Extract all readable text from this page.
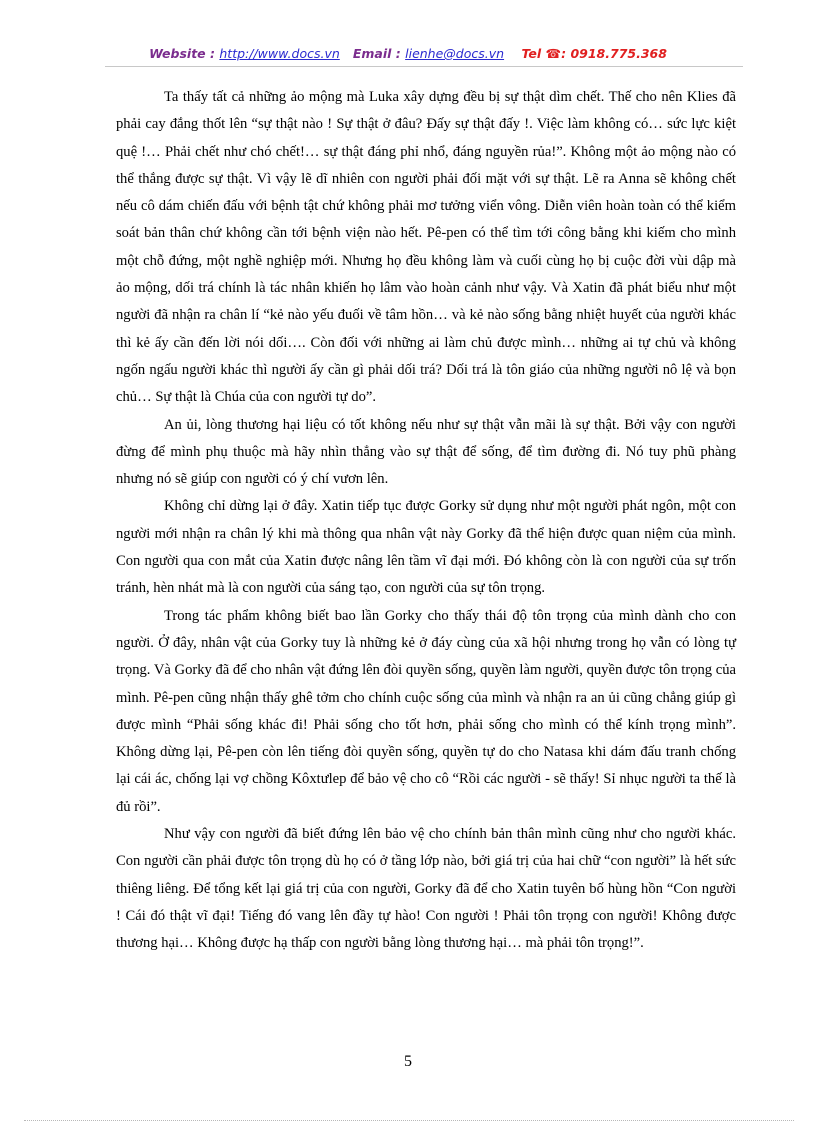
Website : http://www.docs.vn Email : lienhe@docs.vn Tel ☎: 0918.775.368

Ta thấy tất cả những ảo mộng mà Luka xây dựng đều bị sự thật dìm chết. Thế cho nên Klies đã phải cay đắng thốt lên “sự thật nào ! Sự thật ở đâu? Đấy sự thật đấy !. Việc làm không có… sức lực kiệt quệ !… Phải chết như chó chết!… sự thật đáng phỉ nhổ, đáng nguyền rủa!”. Không một ảo mộng nào có thể thắng được sự thật. Vì vậy lẽ dĩ nhiên con người phải đối mặt với sự thật. Lẽ ra Anna sẽ không chết nếu cô dám chiến đấu với bệnh tật chứ không phải mơ tưởng viển vông. Diễn viên hoàn toàn có thể kiểm soát bản thân chứ không cần tới bệnh viện nào hết. Pê-pen có thể tìm tới công bằng khi kiếm cho mình một chỗ đứng, một nghề nghiệp mới. Nhưng họ đều không làm và cuối cùng họ bị cuộc đời vùi dập mà ảo mộng, dối trá chính là tác nhân khiến họ lâm vào hoàn cảnh như vậy. Và Xatin đã phát biểu như một người đã nhận ra chân lí “kẻ nào yếu đuối về tâm hồn… và kẻ nào sống bằng nhiệt huyết của người khác thì kẻ ấy cần đến lời nói dối…. Còn đối với những ai làm chủ được mình… những ai tự chủ và không ngốn ngấu người khác thì người ấy cần gì phải dối trá? Dối trá là tôn giáo của những người nô lệ và bọn chủ… Sự thật là Chúa của con người tự do”.

An ủi, lòng thương hại liệu có tốt không nếu như sự thật vẫn mãi là sự thật. Bởi vậy con người đừng để mình phụ thuộc mà hãy nhìn thẳng vào sự thật để sống, để tìm đường đi. Nó tuy phũ phàng nhưng nó sẽ giúp con người có ý chí vươn lên.

Không chỉ dừng lại ở đây. Xatin tiếp tục được Gorky sử dụng như một người phát ngôn, một con người mới nhận ra chân lý khi mà thông qua nhân vật này Gorky đã thể hiện được quan niệm của mình. Con người qua con mắt của Xatin được nâng lên tầm vĩ đại mới. Đó không còn là con người của sự trốn tránh, hèn nhát mà là con người của sáng tạo, con người của sự tôn trọng.

Trong tác phẩm không biết bao lần Gorky cho thấy thái độ tôn trọng của mình dành cho con người. Ở đây, nhân vật của Gorky tuy là những kẻ ở đáy cùng của xã hội nhưng trong họ vẫn có lòng tự trọng. Và Gorky đã để cho nhân vật đứng lên đòi quyền sống, quyền làm người, quyền được tôn trọng của mình. Pê-pen cũng nhận thấy ghê tởm cho chính cuộc sống của mình và nhận ra an ủi cũng chẳng giúp gì được mình “Phải sống khác đi! Phải sống cho tốt hơn, phải sống cho mình có thể kính trọng mình”. Không dừng lại, Pê-pen còn lên tiếng đòi quyền sống, quyền tự do cho Natasa khi dám đấu tranh chống lại cái ác, chống lại vợ chồng Kôxtưlep để bảo vệ cho cô “Rồi các người - sẽ thấy! Sỉ nhục người ta thế là đủ rồi”.

Như vậy con người đã biết đứng lên bảo vệ cho chính bản thân mình cũng như cho người khác. Con người cần phải được tôn trọng dù họ có ở tầng lớp nào, bởi giá trị của hai chữ “con người” là hết sức thiêng liêng. Để tổng kết lại giá trị của con người, Gorky đã để cho Xatin tuyên bố hùng hồn “Con người ! Cái đó thật vĩ đại! Tiếng đó vang lên đầy tự hào! Con người ! Phải tôn trọng con người! Không được thương hại… Không được hạ thấp con người bằng lòng thương hại… mà phải tôn trọng!”.

5
